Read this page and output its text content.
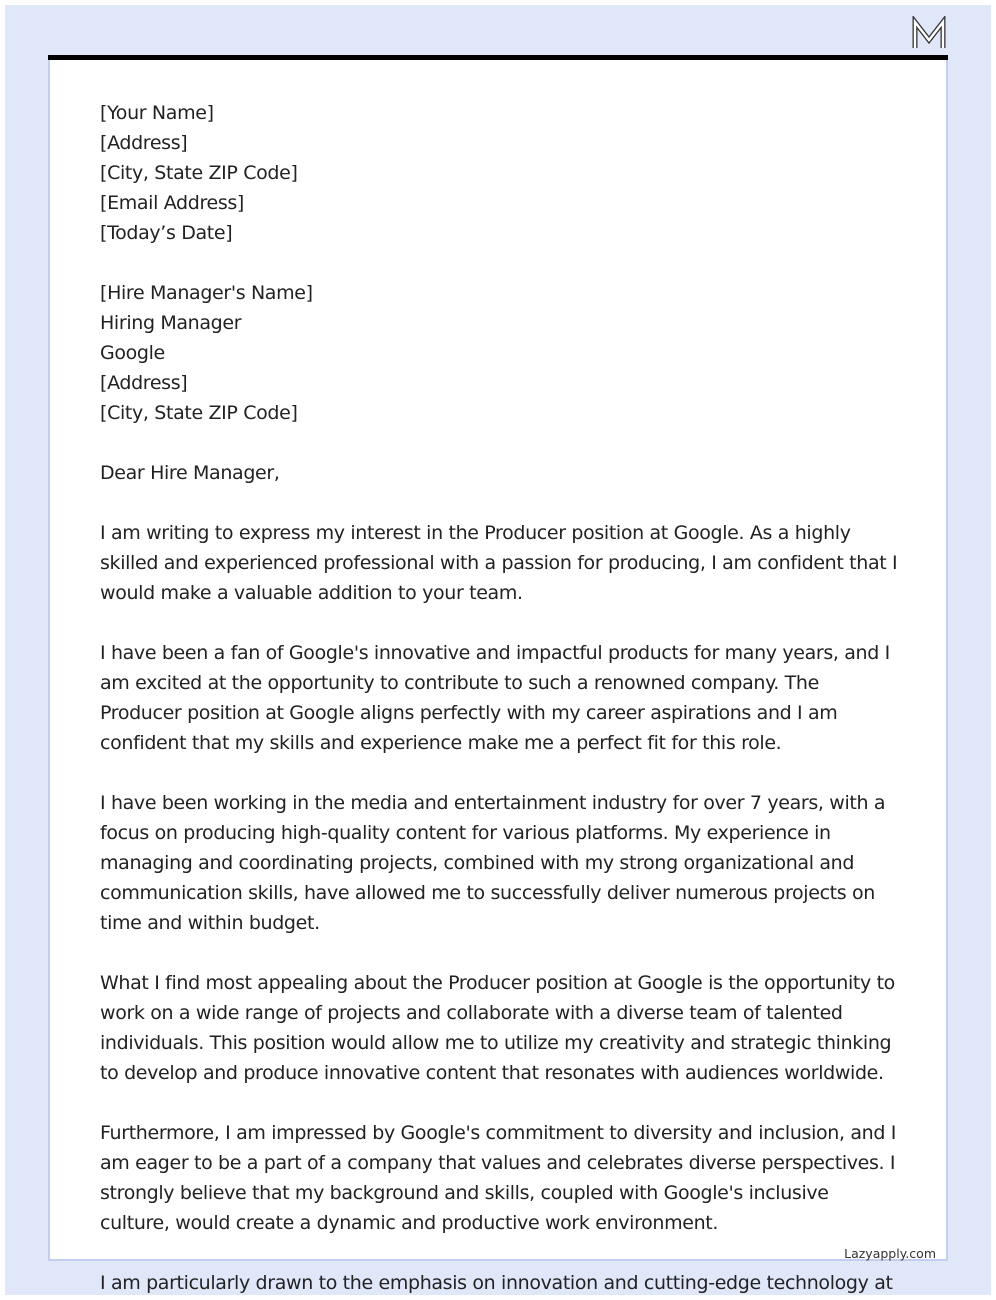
[Your Name]
[Address]
[City, State ZIP Code]
[Email Address]
[Today’s Date]
[Hire Manager's Name]
Hiring Manager
Google
[Address]
[City, State ZIP Code]
Dear Hire Manager,
I am writing to express my interest in the Producer position at Google. As a highly skilled and experienced professional with a passion for producing, I am confident that I would make a valuable addition to your team.
I have been a fan of Google's innovative and impactful products for many years, and I am excited at the opportunity to contribute to such a renowned company. The Producer position at Google aligns perfectly with my career aspirations and I am confident that my skills and experience make me a perfect fit for this role.
I have been working in the media and entertainment industry for over 7 years, with a focus on producing high-quality content for various platforms. My experience in managing and coordinating projects, combined with my strong organizational and communication skills, have allowed me to successfully deliver numerous projects on time and within budget.
What I find most appealing about the Producer position at Google is the opportunity to work on a wide range of projects and collaborate with a diverse team of talented individuals. This position would allow me to utilize my creativity and strategic thinking to develop and produce innovative content that resonates with audiences worldwide.
Furthermore, I am impressed by Google's commitment to diversity and inclusion, and I am eager to be a part of a company that values and celebrates diverse perspectives. I strongly believe that my background and skills, coupled with Google's inclusive culture, would create a dynamic and productive work environment.
Lazyapply.com
I am particularly drawn to the emphasis on innovation and cutting-edge technology at
